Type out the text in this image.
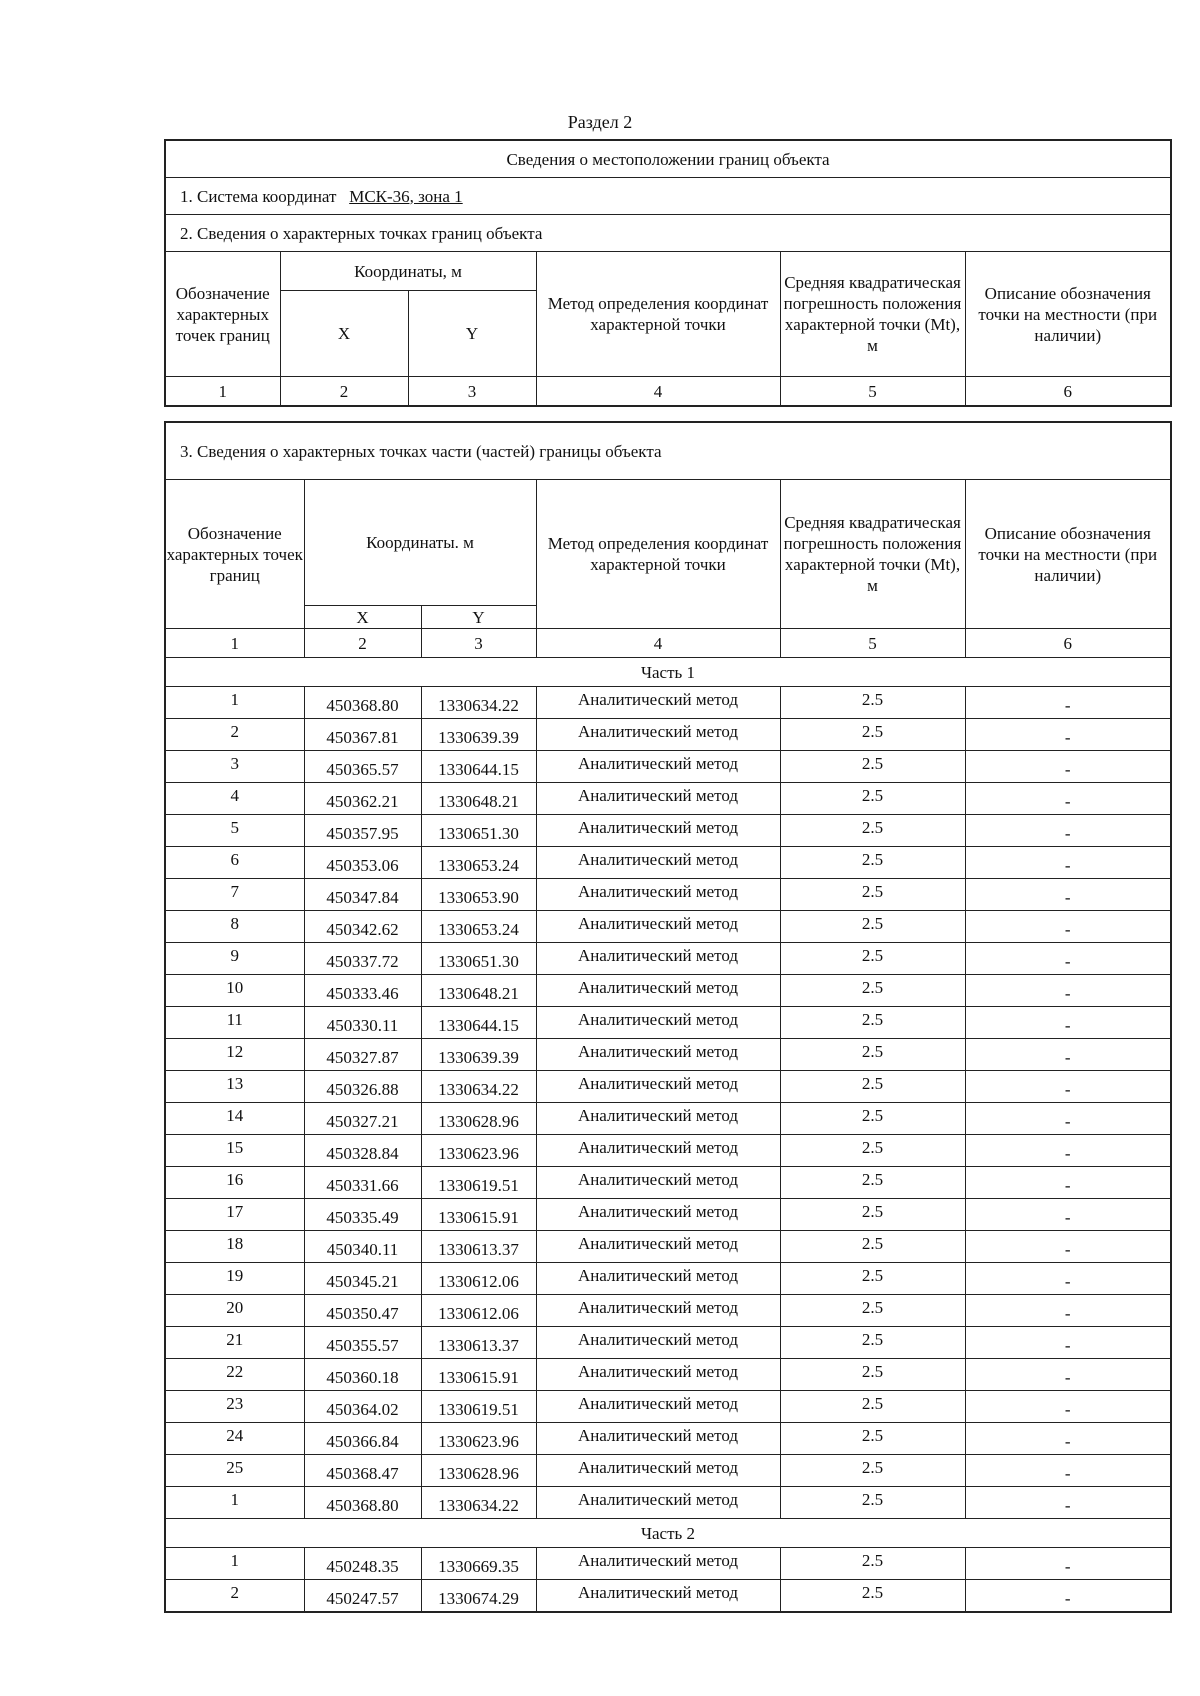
Раздел 2
Сведения о местоположении границ объекта					
1. Система координат МСК-36, зона 1					
2. Сведения о характерных точках границ объекта					
Обозначение характерных точек границ	Координаты, м		Метод определения координат характерной точки	Средняя квадратическая погрешность положения характерной точки (Mt), м	Описание обозначения точки на местности (при наличии)
	X	Y			
1	2	3	4	5	6
3. Сведения о характерных точках части (частей) границы объекта					
Обозначение характерных точек границ	Координаты. м		Метод определения координат характерной точки	Средняя квадратическая погрешность положения характерной точки (Mt), м	Описание обозначения точки на местности (при наличии)
	X	Y			
1	2	3	4	5	6
Часть 1					
1	450368.80	1330634.22	Аналитический метод	2.5	-
2	450367.81	1330639.39	Аналитический метод	2.5	-
3	450365.57	1330644.15	Аналитический метод	2.5	-
4	450362.21	1330648.21	Аналитический метод	2.5	-
5	450357.95	1330651.30	Аналитический метод	2.5	-
6	450353.06	1330653.24	Аналитический метод	2.5	-
7	450347.84	1330653.90	Аналитический метод	2.5	-
8	450342.62	1330653.24	Аналитический метод	2.5	-
9	450337.72	1330651.30	Аналитический метод	2.5	-
10	450333.46	1330648.21	Аналитический метод	2.5	-
11	450330.11	1330644.15	Аналитический метод	2.5	-
12	450327.87	1330639.39	Аналитический метод	2.5	-
13	450326.88	1330634.22	Аналитический метод	2.5	-
14	450327.21	1330628.96	Аналитический метод	2.5	-
15	450328.84	1330623.96	Аналитический метод	2.5	-
16	450331.66	1330619.51	Аналитический метод	2.5	-
17	450335.49	1330615.91	Аналитический метод	2.5	-
18	450340.11	1330613.37	Аналитический метод	2.5	-
19	450345.21	1330612.06	Аналитический метод	2.5	-
20	450350.47	1330612.06	Аналитический метод	2.5	-
21	450355.57	1330613.37	Аналитический метод	2.5	-
22	450360.18	1330615.91	Аналитический метод	2.5	-
23	450364.02	1330619.51	Аналитический метод	2.5	-
24	450366.84	1330623.96	Аналитический метод	2.5	-
25	450368.47	1330628.96	Аналитический метод	2.5	-
1	450368.80	1330634.22	Аналитический метод	2.5	-
Часть 2					
1	450248.35	1330669.35	Аналитический метод	2.5	-
2	450247.57	1330674.29	Аналитический метод	2.5	-
